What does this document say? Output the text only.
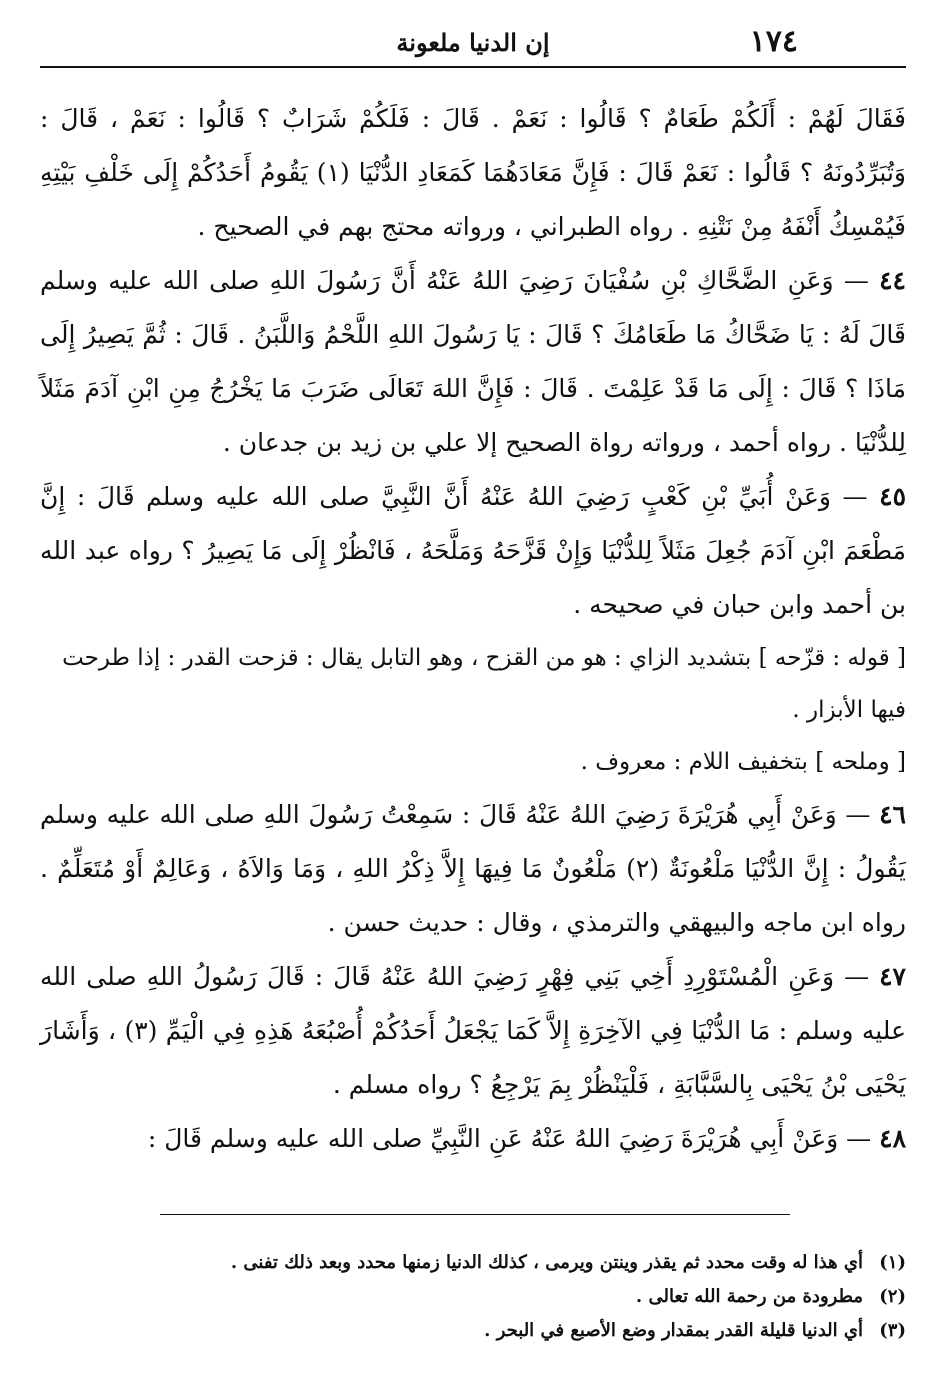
١٧٤
إن الدنيا ملعونة

فَقَالَ لَهُمْ : أَلَكُمْ طَعَامٌ ؟ قَالُوا : نَعَمْ . قَالَ : فَلَكُمْ شَرَابٌ ؟ قَالُوا : نَعَمْ ، قَالَ : وَتُبَرِّدُونَهُ ؟ قَالُوا : نَعَمْ قَالَ : فَإِنَّ مَعَادَهُمَا كَمَعَادِ الدُّنْيَا (١) يَقُومُ أَحَدُكُمْ إِلَى خَلْفِ بَيْتِهِ فَيُمْسِكُ أَنْفَهُ مِنْ نَتْنِهِ . رواه الطبراني ، ورواته محتج بهم في الصحيح .

٤٤ — وَعَنِ الضَّحَّاكِ بْنِ سُفْيَانَ رَضِيَ اللهُ عَنْهُ أَنَّ رَسُولَ اللهِ صلى الله عليه وسلم قَالَ لَهُ : يَا ضَحَّاكُ مَا طَعَامُكَ ؟ قَالَ : يَا رَسُولَ اللهِ اللَّحْمُ وَاللَّبَنُ . قَالَ : ثُمَّ يَصِيرُ إِلَى مَاذَا ؟ قَالَ : إِلَى مَا قَدْ عَلِمْتَ . قَالَ : فَإِنَّ اللهَ تَعَالَى ضَرَبَ مَا يَخْرُجُ مِنِ ابْنِ آدَمَ مَثَلاً لِلدُّنْيَا . رواه أحمد ، ورواته رواة الصحيح إلا علي بن زيد بن جدعان .

٤٥ — وَعَنْ أُبَيِّ بْنِ كَعْبٍ رَضِيَ اللهُ عَنْهُ أَنَّ النَّبِيَّ صلى الله عليه وسلم قَالَ : إِنَّ مَطْعَمَ ابْنِ آدَمَ جُعِلَ مَثَلاً لِلدُّنْيَا وَإِنْ قَزَّحَهُ وَمَلَّحَهُ ، فَانْظُرْ إِلَى مَا يَصِيرُ ؟ رواه عبد الله بن أحمد وابن حبان في صحيحه .

[ قوله : قزّحه ] بتشديد الزاي : هو من القزح ، وهو التابل يقال : قزحت القدر : إذا طرحت فيها الأبزار .

[ وملحه ] بتخفيف اللام : معروف .

٤٦ — وَعَنْ أَبِي هُرَيْرَةَ رَضِيَ اللهُ عَنْهُ قَالَ : سَمِعْتُ رَسُولَ اللهِ صلى الله عليه وسلم يَقُولُ : إِنَّ الدُّنْيَا مَلْعُونَةٌ (٢) مَلْعُونٌ مَا فِيهَا إِلاَّ ذِكْرُ اللهِ ، وَمَا وَالاَهُ ، وَعَالِمٌ أَوْ مُتَعَلِّمٌ . رواه ابن ماجه والبيهقي والترمذي ، وقال : حديث حسن .

٤٧ — وَعَنِ الْمُسْتَوْرِدِ أَخِي بَنِي فِهْرٍ رَضِيَ اللهُ عَنْهُ قَالَ : قَالَ رَسُولُ اللهِ صلى الله عليه وسلم : مَا الدُّنْيَا فِي الآخِرَةِ إِلاَّ كَمَا يَجْعَلُ أَحَدُكُمْ أُصْبُعَهُ هَذِهِ فِي الْيَمِّ (٣) ، وَأَشَارَ يَحْيَى بْنُ يَحْيَى بِالسَّبَّابَةِ ، فَلْيَنْظُرْ بِمَ يَرْجِعُ ؟ رواه مسلم .

٤٨ — وَعَنْ أَبِي هُرَيْرَةَ رَضِيَ اللهُ عَنْهُ عَنِ النَّبِيِّ صلى الله عليه وسلم قَالَ :

(١) أي هذا له وقت محدد ثم يقذر وينتن ويرمى ، كذلك الدنيا زمنها محدد وبعد ذلك تفنى .

(٢) مطرودة من رحمة الله تعالى .

(٣) أي الدنيا قليلة القدر بمقدار وضع الأصبع في البحر .
